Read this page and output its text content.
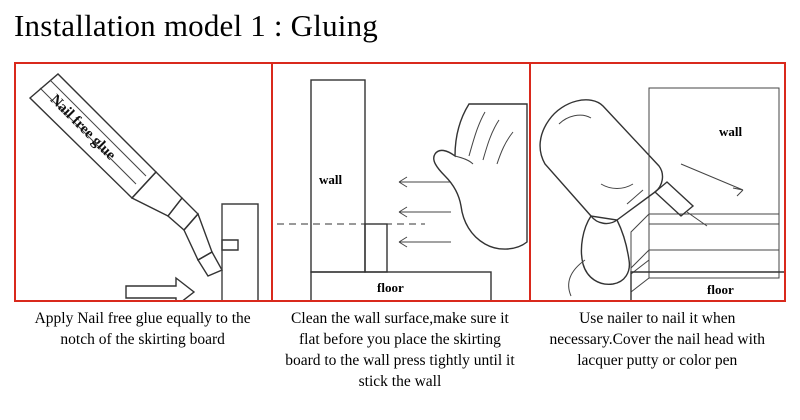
Installation model 1 : Gluing
Nail free glue
Apply Nail free glue equally to the notch of the skirting board
wall
floor
Clean the wall surface,make sure it flat before you place the skirting board to the wall press tightly until it stick the wall
wall
floor
Use nailer to nail it when necessary.Cover the nail head with lacquer putty or color pen
